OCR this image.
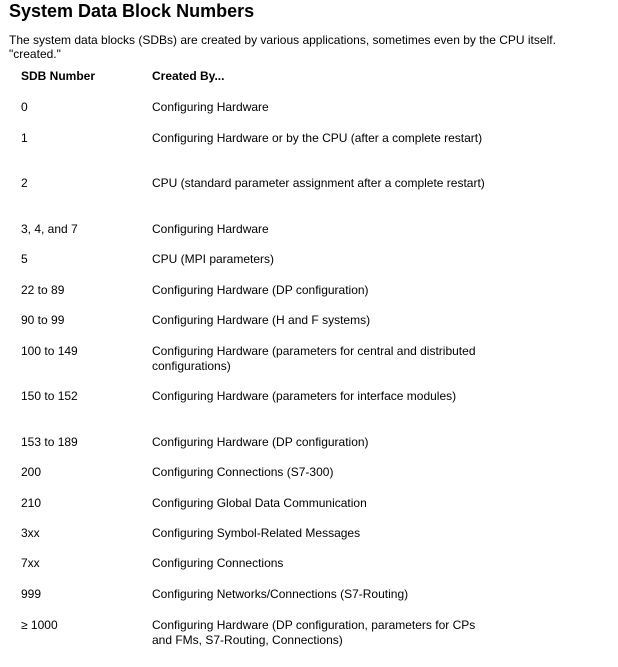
System Data Block Numbers

The system data blocks (SDBs) are created by various applications, sometimes even by the CPU itself.
"created."

SDB Number	Created By...
0	Configuring Hardware
1	Configuring Hardware or by the CPU (after a complete restart)
2	CPU (standard parameter assignment after a complete restart)
3, 4, and 7	Configuring Hardware
5	CPU (MPI parameters)
22 to 89	Configuring Hardware (DP configuration)
90 to 99	Configuring Hardware (H and F systems)
100 to 149	Configuring Hardware (parameters for central and distributed configurations)
150 to 152	Configuring Hardware (parameters for interface modules)
153 to 189	Configuring Hardware (DP configuration)
200	Configuring Connections (S7-300)
210	Configuring Global Data Communication
3xx	Configuring Symbol-Related Messages
7xx	Configuring Connections
999	Configuring Networks/Connections (S7-Routing)
≥ 1000	Configuring Hardware (DP configuration, parameters for CPs and FMs, S7-Routing, Connections)
